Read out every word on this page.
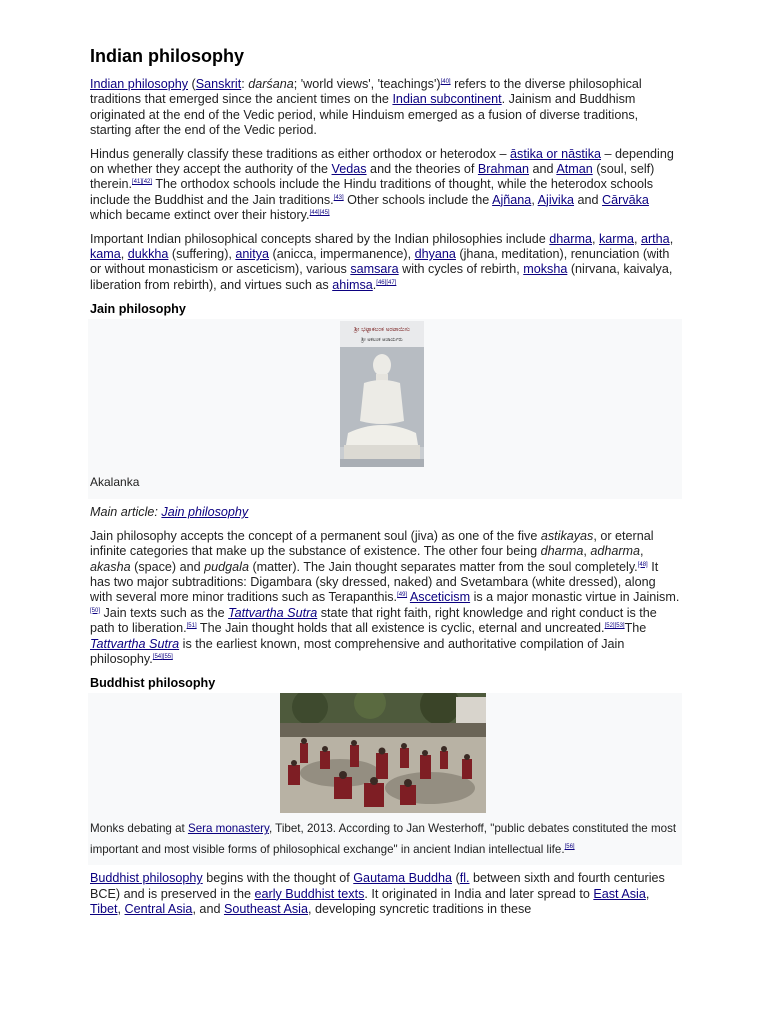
Indian philosophy

Indian philosophy (Sanskrit: darśana; 'world views', 'teachings')[40] refers to the diverse philosophical traditions that emerged since the ancient times on the Indian subcontinent. Jainism and Buddhism originated at the end of the Vedic period, while Hinduism emerged as a fusion of diverse traditions, starting after the end of the Vedic period.

Hindus generally classify these traditions as either orthodox or heterodox – āstika or nāstika – depending on whether they accept the authority of the Vedas and the theories of Brahman and Atman (soul, self) therein.[41][42] The orthodox schools include the Hindu traditions of thought, while the heterodox schools include the Buddhist and the Jain traditions.[43] Other schools include the Ajñana, Ajivika and Cārvāka which became extinct over their history.[44][45]

Important Indian philosophical concepts shared by the Indian philosophies include dharma, karma, artha, kama, dukkha (suffering), anitya (anicca, impermanence), dhyana (jhana, meditation), renunciation (with or without monasticism or asceticism), various samsara with cycles of rebirth, moksha (nirvana, kaivalya, liberation from rebirth), and virtues such as ahimsa.[46][47]

Jain philosophy
ಶ್ರೀ ಭಟ್ಟಾಕಲಂಕ ಅಂಟಾಯಿಸು
ಶ್ರೀ ಅಕಲಂಕ ಆಚಾರ್ಯರು
Akalanka
Main article: Jain philosophy

Jain philosophy accepts the concept of a permanent soul (jiva) as one of the five astikayas, or eternal infinite categories that make up the substance of existence. The other four being dharma, adharma, akasha (space) and pudgala (matter). The Jain thought separates matter from the soul completely.[48] It has two major subtraditions: Digambara (sky dressed, naked) and Svetambara (white dressed), along with several more minor traditions such as Terapanthis.[49] Asceticism is a major monastic virtue in Jainism.[50] Jain texts such as the Tattvartha Sutra state that right faith, right knowledge and right conduct is the path to liberation.[51] The Jain thought holds that all existence is cyclic, eternal and uncreated.[52][53]The Tattvartha Sutra is the earliest known, most comprehensive and authoritative compilation of Jain philosophy.[54][55]

Buddhist philosophy
Monks debating at Sera monastery, Tibet, 2013. According to Jan Westerhoff, "public debates constituted the most important and most visible forms of philosophical exchange" in ancient Indian intellectual life.[56]

Buddhist philosophy begins with the thought of Gautama Buddha (fl. between sixth and fourth centuries BCE) and is preserved in the early Buddhist texts. It originated in India and later spread to East Asia, Tibet, Central Asia, and Southeast Asia, developing syncretic traditions in these
